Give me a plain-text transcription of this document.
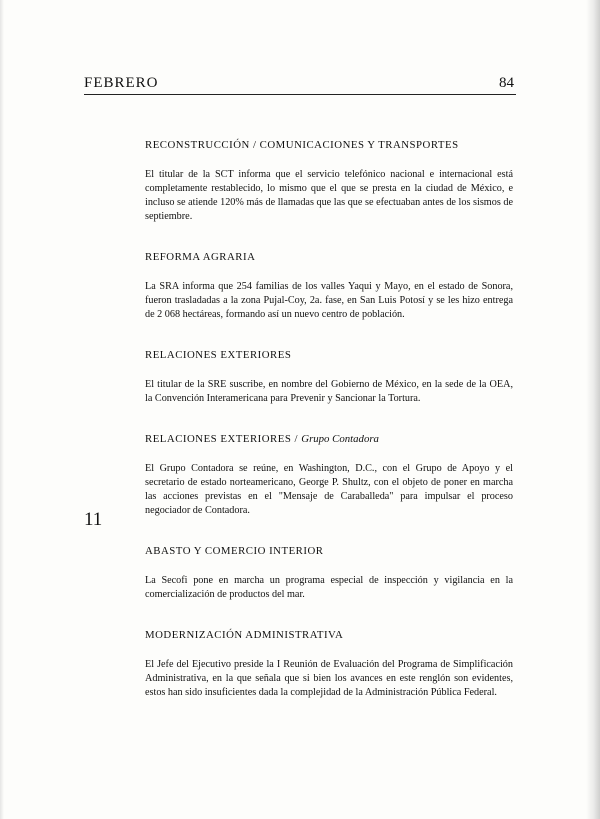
FEBRERO	84
11

RECONSTRUCCIÓN / COMUNICACIONES Y TRANSPORTES

El titular de la SCT informa que el servicio telefónico nacional e internacional está completamente restablecido, lo mismo que el que se presta en la ciudad de México, e incluso se atiende 120% más de llamadas que las que se efectuaban antes de los sismos de septiembre.

REFORMA AGRARIA

La SRA informa que 254 familias de los valles Yaqui y Mayo, en el estado de Sonora, fueron trasladadas a la zona Pujal-Coy, 2a. fase, en San Luis Potosí y se les hizo entrega de 2 068 hectáreas, formando así un nuevo centro de población.

RELACIONES EXTERIORES

El titular de la SRE suscribe, en nombre del Gobierno de México, en la sede de la OEA, la Convención Interamericana para Prevenir y Sancionar la Tortura.

RELACIONES EXTERIORES / Grupo Contadora

El Grupo Contadora se reúne, en Washington, D.C., con el Grupo de Apoyo y el secretario de estado norteamericano, George P. Shultz, con el objeto de poner en marcha las acciones previstas en el "Mensaje de Caraballeda" para impulsar el proceso negociador de Contadora.

ABASTO Y COMERCIO INTERIOR

La Secofi pone en marcha un programa especial de inspección y vigilancia en la comercialización de productos del mar.

MODERNIZACIÓN ADMINISTRATIVA

El Jefe del Ejecutivo preside la I Reunión de Evaluación del Programa de Simplificación Administrativa, en la que señala que si bien los avances en este renglón son evidentes, estos han sido insuficientes dada la complejidad de la Administración Pública Federal.
